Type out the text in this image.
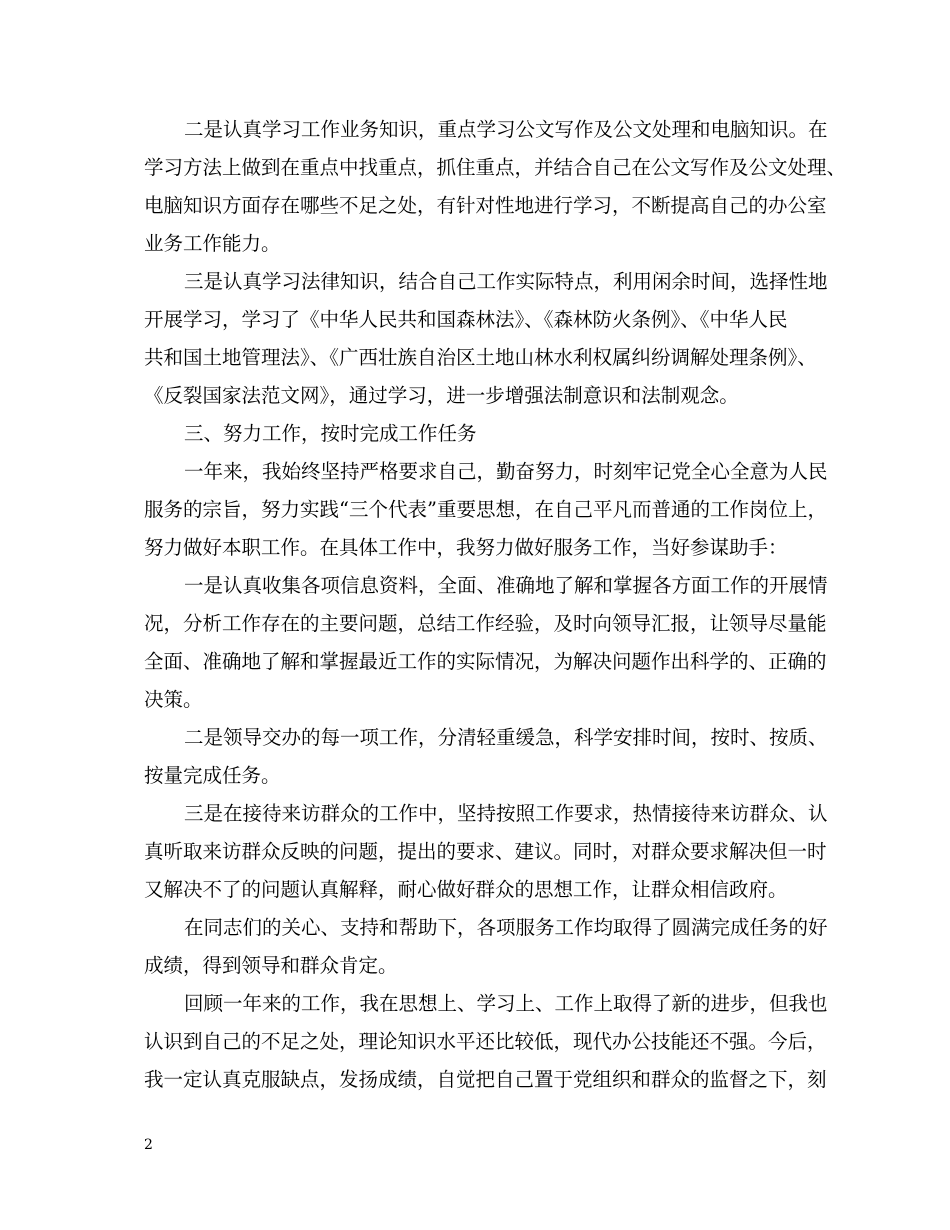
二是认真学习工作业务知识，重点学习公文写作及公文处理和电脑知识。在

学习方法上做到在重点中找重点，抓住重点，并结合自己在公文写作及公文处理、

电脑知识方面存在哪些不足之处，有针对性地进行学习，不断提高自己的办公室

业务工作能力。

三是认真学习法律知识，结合自己工作实际特点，利用闲余时间，选择性地

开展学习，学习了《中华人民共和国森林法》、《森林防火条例》、《中华人民

共和国土地管理法》、《广西壮族自治区土地山林水利权属纠纷调解处理条例》、

《反裂国家法范文网》，通过学习，进一步增强法制意识和法制观念。

三、努力工作，按时完成工作任务

一年来，我始终坚持严格要求自己，勤奋努力，时刻牢记党全心全意为人民

服务的宗旨，努力实践“三个代表”重要思想，在自己平凡而普通的工作岗位上，

努力做好本职工作。在具体工作中，我努力做好服务工作，当好参谋助手：

一是认真收集各项信息资料，全面、准确地了解和掌握各方面工作的开展情

况，分析工作存在的主要问题，总结工作经验，及时向领导汇报，让领导尽量能

全面、准确地了解和掌握最近工作的实际情况，为解决问题作出科学的、正确的

决策。

二是领导交办的每一项工作，分清轻重缓急，科学安排时间，按时、按质、

按量完成任务。

三是在接待来访群众的工作中，坚持按照工作要求，热情接待来访群众、认

真听取来访群众反映的问题，提出的要求、建议。同时，对群众要求解决但一时

又解决不了的问题认真解释，耐心做好群众的思想工作，让群众相信政府。

在同志们的关心、支持和帮助下，各项服务工作均取得了圆满完成任务的好

成绩，得到领导和群众肯定。

回顾一年来的工作，我在思想上、学习上、工作上取得了新的进步，但我也

认识到自己的不足之处，理论知识水平还比较低，现代办公技能还不强。今后，

我一定认真克服缺点，发扬成绩，自觉把自己置于党组织和群众的监督之下，刻

2
